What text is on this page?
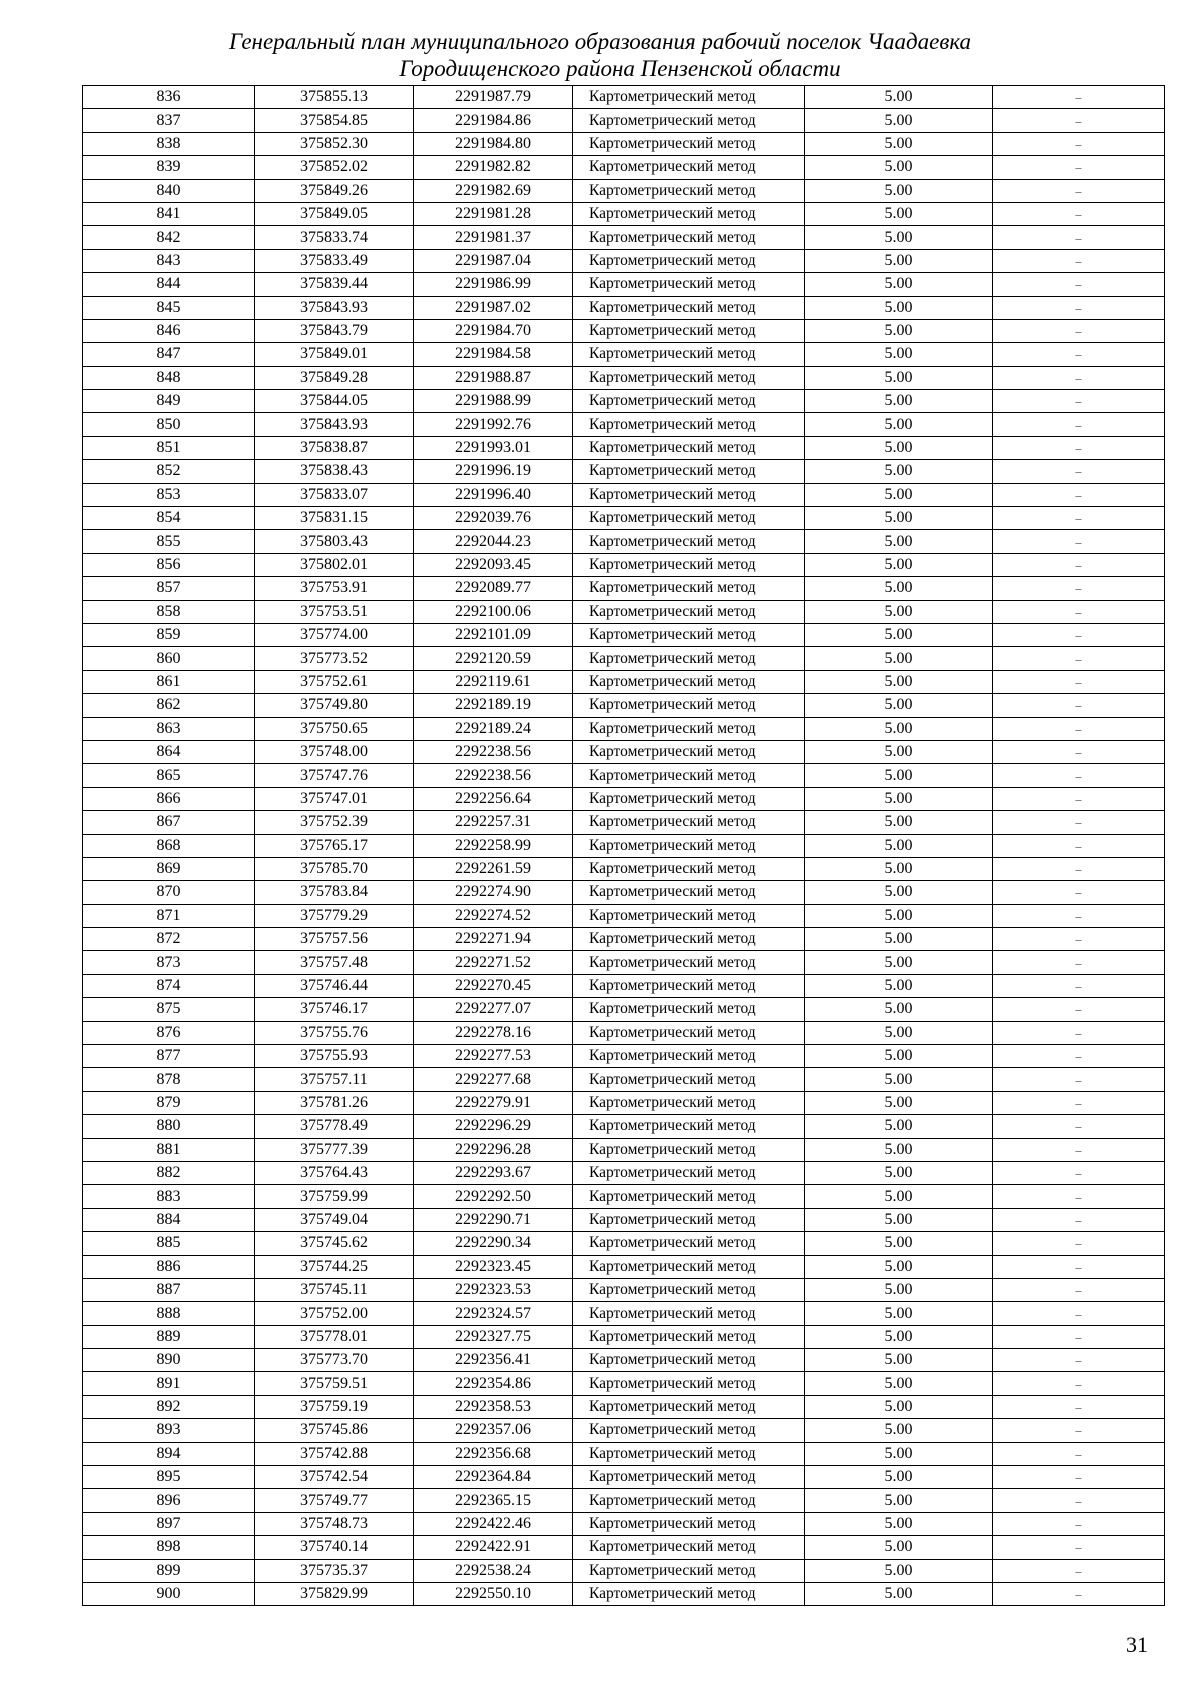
Генеральный план муниципального образования рабочий поселок Чаадаевка
Городищенского района Пензенской области
836	375855.13	2291987.79	Картометрический метод	5.00	–
837	375854.85	2291984.86	Картометрический метод	5.00	–
838	375852.30	2291984.80	Картометрический метод	5.00	–
839	375852.02	2291982.82	Картометрический метод	5.00	–
840	375849.26	2291982.69	Картометрический метод	5.00	–
841	375849.05	2291981.28	Картометрический метод	5.00	–
842	375833.74	2291981.37	Картометрический метод	5.00	–
843	375833.49	2291987.04	Картометрический метод	5.00	–
844	375839.44	2291986.99	Картометрический метод	5.00	–
845	375843.93	2291987.02	Картометрический метод	5.00	–
846	375843.79	2291984.70	Картометрический метод	5.00	–
847	375849.01	2291984.58	Картометрический метод	5.00	–
848	375849.28	2291988.87	Картометрический метод	5.00	–
849	375844.05	2291988.99	Картометрический метод	5.00	–
850	375843.93	2291992.76	Картометрический метод	5.00	–
851	375838.87	2291993.01	Картометрический метод	5.00	–
852	375838.43	2291996.19	Картометрический метод	5.00	–
853	375833.07	2291996.40	Картометрический метод	5.00	–
854	375831.15	2292039.76	Картометрический метод	5.00	–
855	375803.43	2292044.23	Картометрический метод	5.00	–
856	375802.01	2292093.45	Картометрический метод	5.00	–
857	375753.91	2292089.77	Картометрический метод	5.00	–
858	375753.51	2292100.06	Картометрический метод	5.00	–
859	375774.00	2292101.09	Картометрический метод	5.00	–
860	375773.52	2292120.59	Картометрический метод	5.00	–
861	375752.61	2292119.61	Картометрический метод	5.00	–
862	375749.80	2292189.19	Картометрический метод	5.00	–
863	375750.65	2292189.24	Картометрический метод	5.00	–
864	375748.00	2292238.56	Картометрический метод	5.00	–
865	375747.76	2292238.56	Картометрический метод	5.00	–
866	375747.01	2292256.64	Картометрический метод	5.00	–
867	375752.39	2292257.31	Картометрический метод	5.00	–
868	375765.17	2292258.99	Картометрический метод	5.00	–
869	375785.70	2292261.59	Картометрический метод	5.00	–
870	375783.84	2292274.90	Картометрический метод	5.00	–
871	375779.29	2292274.52	Картометрический метод	5.00	–
872	375757.56	2292271.94	Картометрический метод	5.00	–
873	375757.48	2292271.52	Картометрический метод	5.00	–
874	375746.44	2292270.45	Картометрический метод	5.00	–
875	375746.17	2292277.07	Картометрический метод	5.00	–
876	375755.76	2292278.16	Картометрический метод	5.00	–
877	375755.93	2292277.53	Картометрический метод	5.00	–
878	375757.11	2292277.68	Картометрический метод	5.00	–
879	375781.26	2292279.91	Картометрический метод	5.00	–
880	375778.49	2292296.29	Картометрический метод	5.00	–
881	375777.39	2292296.28	Картометрический метод	5.00	–
882	375764.43	2292293.67	Картометрический метод	5.00	–
883	375759.99	2292292.50	Картометрический метод	5.00	–
884	375749.04	2292290.71	Картометрический метод	5.00	–
885	375745.62	2292290.34	Картометрический метод	5.00	–
886	375744.25	2292323.45	Картометрический метод	5.00	–
887	375745.11	2292323.53	Картометрический метод	5.00	–
888	375752.00	2292324.57	Картометрический метод	5.00	–
889	375778.01	2292327.75	Картометрический метод	5.00	–
890	375773.70	2292356.41	Картометрический метод	5.00	–
891	375759.51	2292354.86	Картометрический метод	5.00	–
892	375759.19	2292358.53	Картометрический метод	5.00	–
893	375745.86	2292357.06	Картометрический метод	5.00	–
894	375742.88	2292356.68	Картометрический метод	5.00	–
895	375742.54	2292364.84	Картометрический метод	5.00	–
896	375749.77	2292365.15	Картометрический метод	5.00	–
897	375748.73	2292422.46	Картометрический метод	5.00	–
898	375740.14	2292422.91	Картометрический метод	5.00	–
899	375735.37	2292538.24	Картометрический метод	5.00	–
900	375829.99	2292550.10	Картометрический метод	5.00	–
31
